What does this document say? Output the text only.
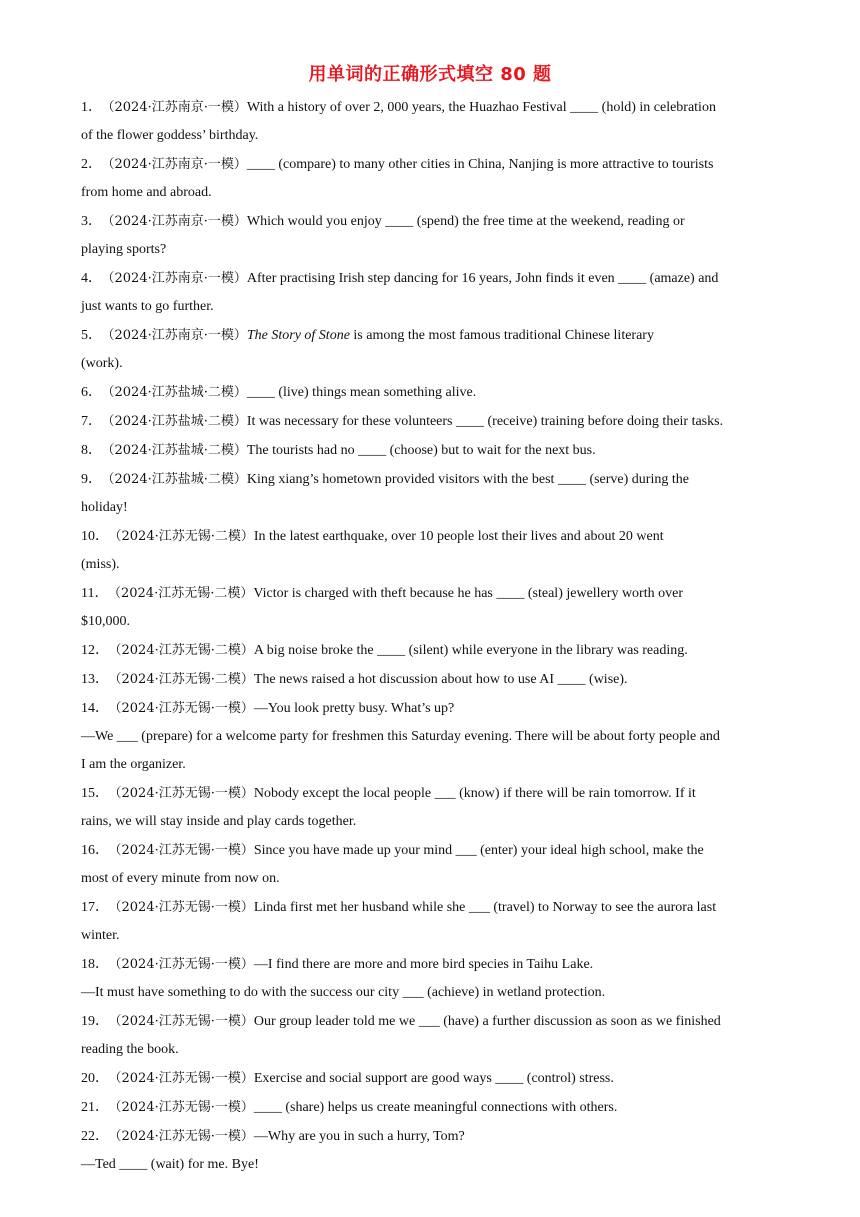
用单词的正确形式填空 80 题
1． （2024·江苏南京·一模）With a history of over 2, 000 years, the Huazhao Festival ____ (hold) in celebration
of the flower goddess’ birthday.
2． （2024·江苏南京·一模）____ (compare) to many other cities in China, Nanjing is more attractive to tourists
from home and abroad.
3． （2024·江苏南京·一模）Which would you enjoy ____ (spend) the free time at the weekend, reading or
playing sports?
4． （2024·江苏南京·一模）After practising Irish step dancing for 16 years, John finds it even ____ (amaze) and
just wants to go further.
5． （2024·江苏南京·一模）The Story of Stone is among the most famous traditional Chinese literary
(work).
6． （2024·江苏盐城·二模）____ (live) things mean something alive.
7． （2024·江苏盐城·二模）It was necessary for these volunteers ____ (receive) training before doing their tasks.
8． （2024·江苏盐城·二模）The tourists had no ____ (choose) but to wait for the next bus.
9． （2024·江苏盐城·二模）King xiang’s hometown provided visitors with the best ____ (serve) during the
holiday!
10． （2024·江苏无锡·二模）In the latest earthquake, over 10 people lost their lives and about 20 went
(miss).
11． （2024·江苏无锡·二模）Victor is charged with theft because he has ____ (steal) jewellery worth over
$10,000.
12． （2024·江苏无锡·二模）A big noise broke the ____ (silent) while everyone in the library was reading.
13． （2024·江苏无锡·二模）The news raised a hot discussion about how to use AI ____ (wise).
14． （2024·江苏无锡·一模）—You look pretty busy. What’s up?
—We ___ (prepare) for a welcome party for freshmen this Saturday evening. There will be about forty people and
I am the organizer.
15． （2024·江苏无锡·一模）Nobody except the local people ___ (know) if there will be rain tomorrow. If it
rains, we will stay inside and play cards together.
16． （2024·江苏无锡·一模）Since you have made up your mind ___ (enter) your ideal high school, make the
most of every minute from now on.
17． （2024·江苏无锡·一模）Linda first met her husband while she ___ (travel) to Norway to see the aurora last
winter.
18． （2024·江苏无锡·一模）—I find there are more and more bird species in Taihu Lake.
—It must have something to do with the success our city ___ (achieve) in wetland protection.
19． （2024·江苏无锡·一模）Our group leader told me we ___ (have) a further discussion as soon as we finished
reading the book.
20． （2024·江苏无锡·一模）Exercise and social support are good ways ____ (control) stress.
21． （2024·江苏无锡·一模）____ (share) helps us create meaningful connections with others.
22． （2024·江苏无锡·一模）—Why are you in such a hurry, Tom?
—Ted ____ (wait) for me. Bye!
